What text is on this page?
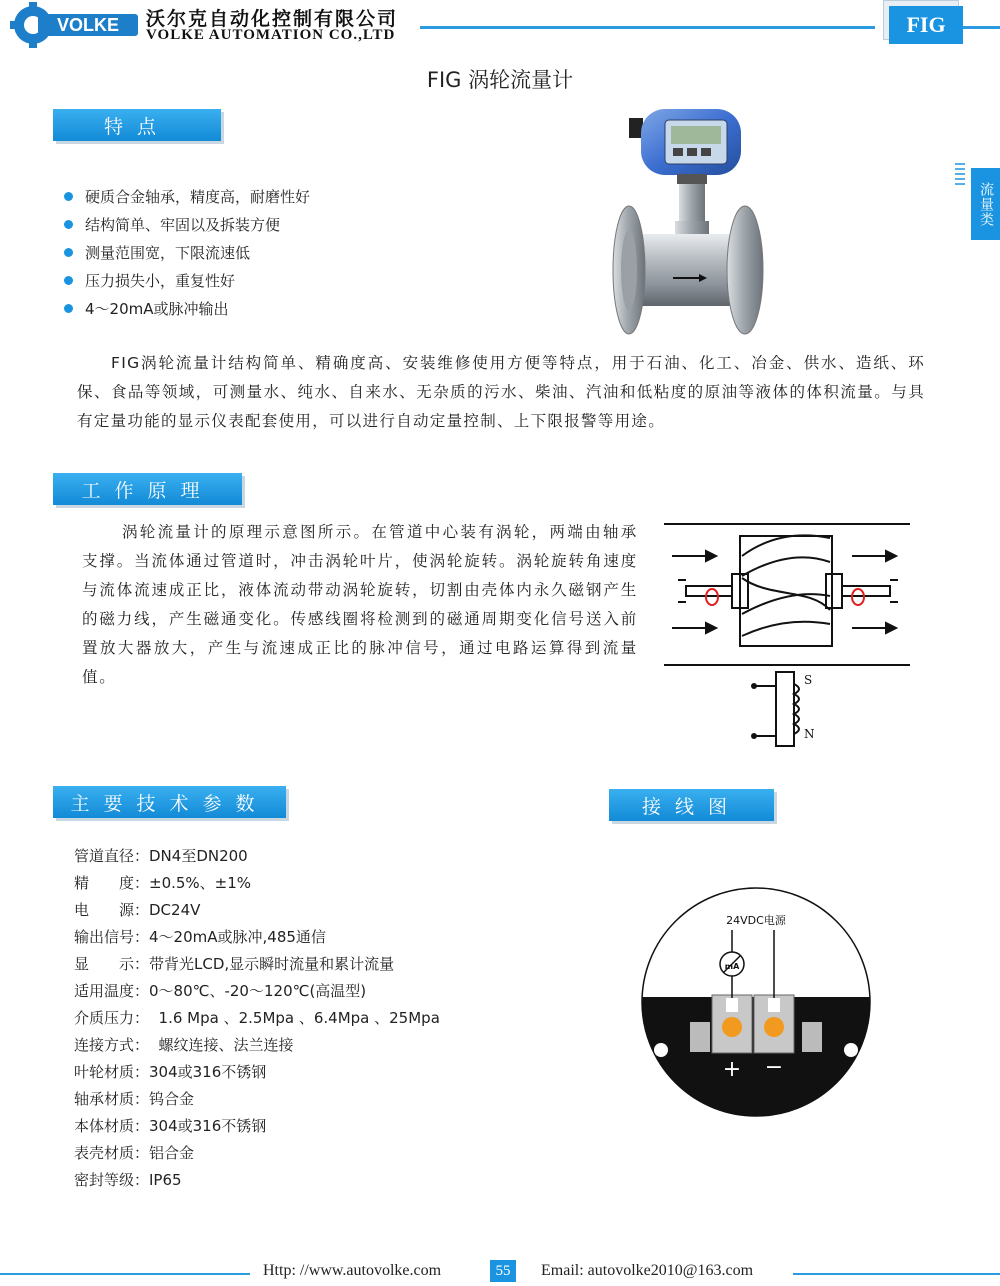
VOLKE 沃尔克自动化控制有限公司
VOLKE AUTOMATION CO.,LTD	FIG
流量类
FIG 涡轮流量计
特点
硬质合金轴承，精度高，耐磨性好
结构简单、牢固以及拆装方便
测量范围宽，下限流速低
压力损失小，重复性好
4～20mA或脉冲输出
FIG涡轮流量计结构简单、精确度高、安装维修使用方便等特点，用于石油、化工、冶金、供水、造纸、环保、食品等领域，可测量水、纯水、自来水、无杂质的污水、柴油、汽油和低粘度的原油等液体的体积流量。与具有定量功能的显示仪表配套使用，可以进行自动定量控制、上下限报警等用途。
工作原理
涡轮流量计的原理示意图所示。在管道中心装有涡轮，两端由轴承支撑。当流体通过管道时，冲击涡轮叶片，使涡轮旋转。涡轮旋转角速度与流体流速成正比，液体流动带动涡轮旋转，切割由壳体内永久磁钢产生的磁力线，产生磁通变化。传感线圈将检测到的磁通周期变化信号送入前置放大器放大，产生与流速成正比的脉冲信号，通过电路运算得到流量值。	S
N
主要技术参数
管道直径：DN4至DN200
精　　度：±0.5%、±1%
电　　源：DC24V
输出信号：4～20mA或脉冲,485通信
显　　示：带背光LCD,显示瞬时流量和累计流量
适用温度：0～80℃、-20～120℃(高温型)
介质压力：  1.6 Mpa 、2.5Mpa 、6.4Mpa 、25Mpa
连接方式：  螺纹连接、法兰连接
叶轮材质：304或316不锈钢
轴承材质：钨合金
本体材质：304或316不锈钢
表壳材质：铝合金
密封等级：IP65
接线图
+ −
mA
24VDC电源
Http: //www.autovolke.com	55	Email: autovolke2010@163.com
